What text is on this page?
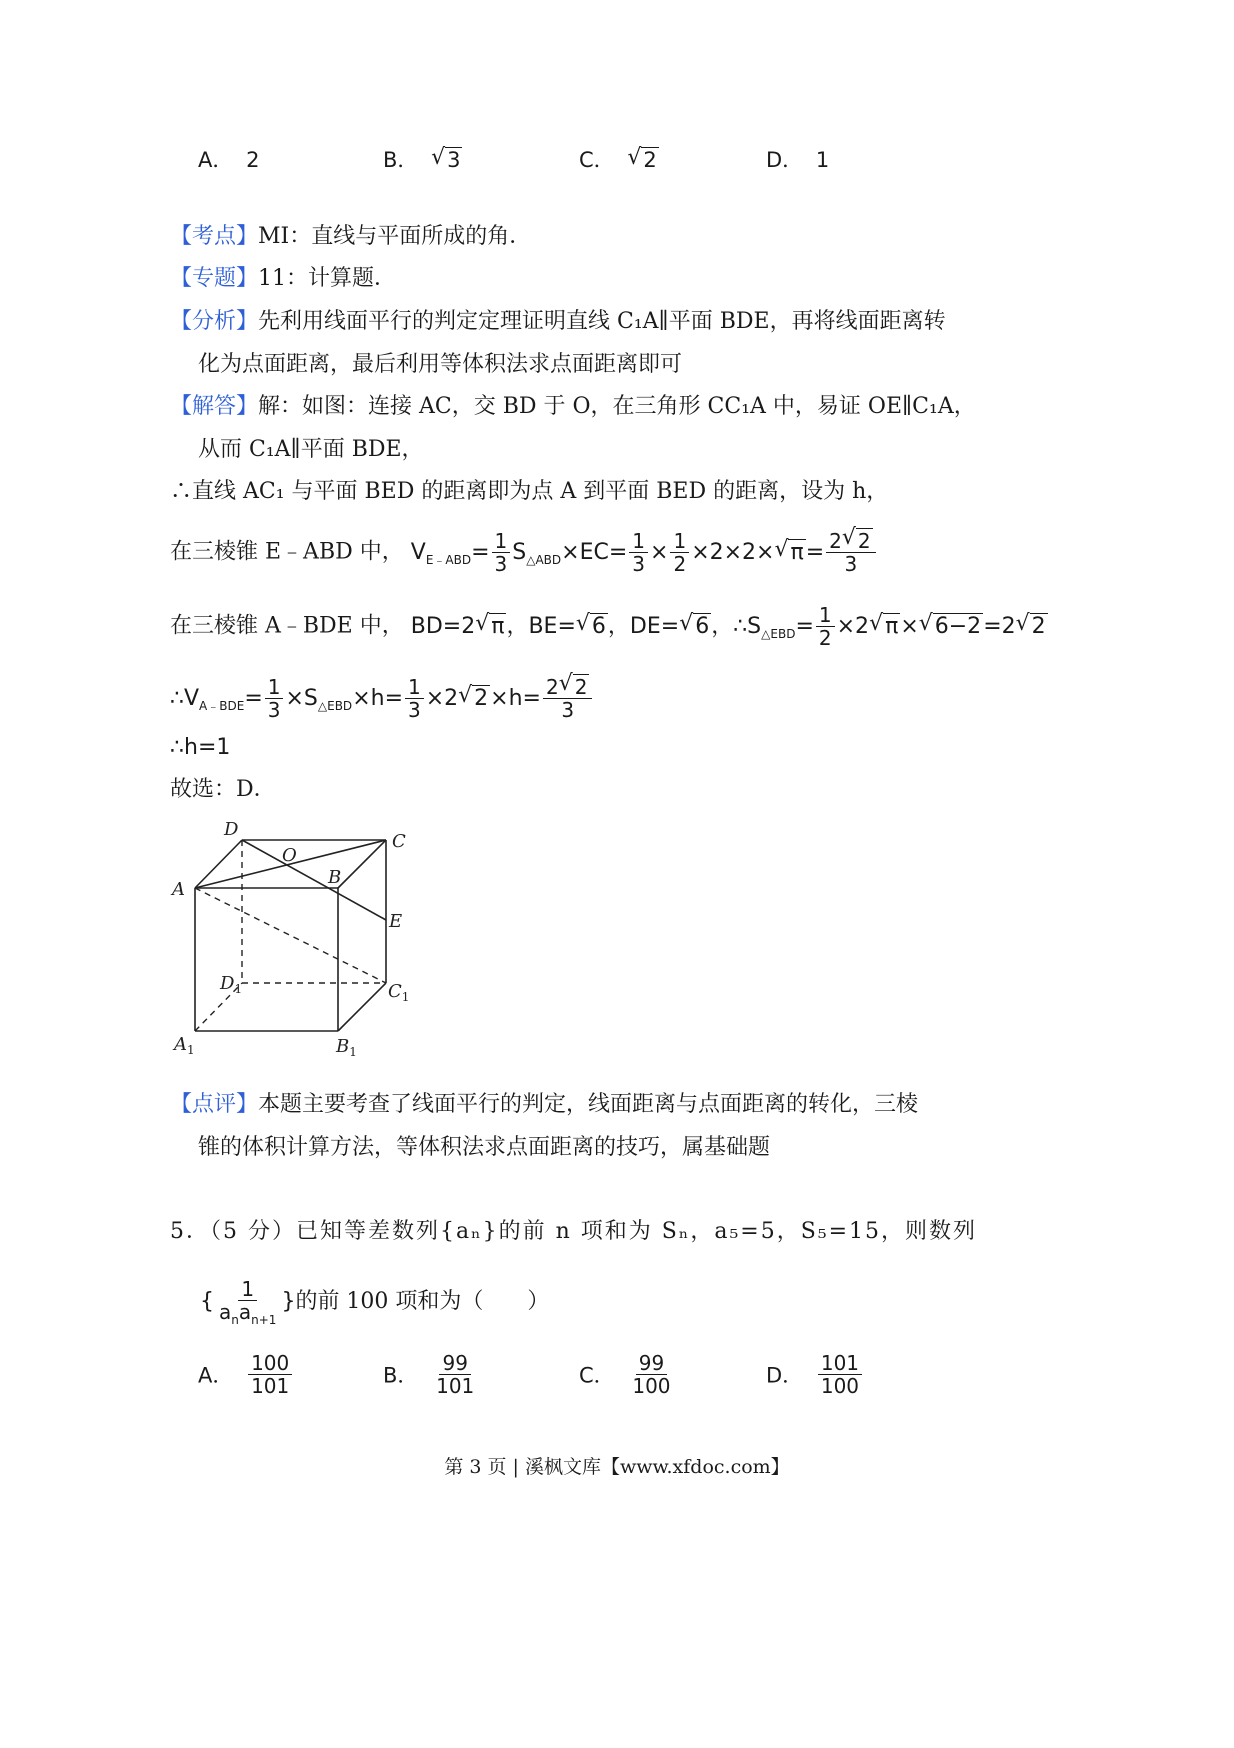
A． 2	B． √ 3	C． √ 2	D． 1
【考点】MI：直线与平面所成的角．
【专题】11：计算题．
【分析】先利用线面平行的判定定理证明直线 C₁A∥平面 BDE，再将线面距离转
化为点面距离，最后利用等体积法求点面距离即可
【解答】解：如图：连接 AC，交 BD 于 O，在三角形 CC₁A 中，易证 OE∥C₁A，
从而 C₁A∥平面 BDE，
∴直线 AC₁ 与平面 BED 的距离即为点 A 到平面 BED 的距离，设为 h，
在三棱锥 E﹣ABD 中， $V_{E﹣ABD}= \frac{1}{3} S_{\triangle ABD}\times EC= \frac{1}{3} \times \frac{1}{2} \times 2\times 2\times√$ $\pi= \frac{2√ 2}{3}$
在三棱锥 A﹣BDE 中， BD=2√ π，BE=√ 6，DE=√ 6，$\therefore S_{\triangle EBD}= \frac{1}{2} \times 2√$ π×√ 6−2=2√ 2
$\therefore V_{A﹣BDE}= \frac{1}{3} \times S_{\triangle EBD}\times h= \frac{1}{3} \times 2√$ $2\times h= \frac{2√ 2}{3}$
∴h=1
故选：D．
D
C
O
A
B
E
$D_1$	$C_1$
$A_1$	$B_1$
【点评】本题主要考查了线面平行的判定，线面距离与点面距离的转化，三棱
锥的体积计算方法，等体积法求点面距离的技巧，属基础题
5．（5 分）已知等差数列{aₙ}的前 n 项和为 Sₙ，a₅=5，S₅=15，则数列
{ $\frac{1}{a_na_{n+1}}$ }的前 100 项和为（　　）
A． $\frac{100}{101}$	B． $\frac{99}{101}$	C． $\frac{99}{100}$	D． $\frac{101}{100}$
第 3 页 | 溪枫文库【www.xfdoc.com】
